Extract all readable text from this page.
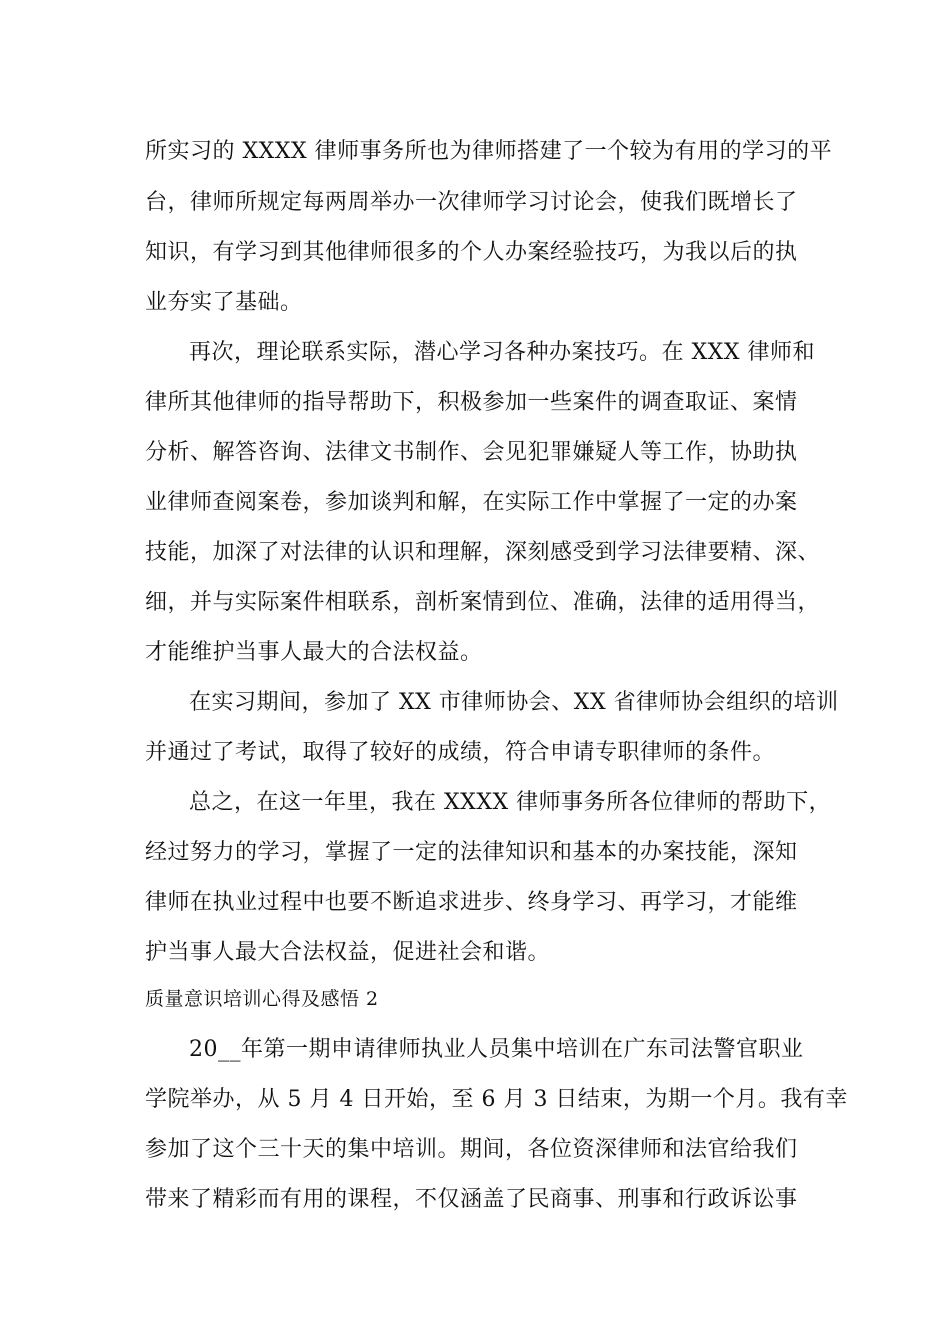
所实习的 XXXX 律师事务所也为律师搭建了一个较为有用的学习的平
台，律师所规定每两周举办一次律师学习讨论会，使我们既增长了
知识，有学习到其他律师很多的个人办案经验技巧，为我以后的执
业夯实了基础。
再次，理论联系实际，潜心学习各种办案技巧。在 XXX 律师和
律所其他律师的指导帮助下，积极参加一些案件的调查取证、案情
分析、解答咨询、法律文书制作、会见犯罪嫌疑人等工作，协助执
业律师查阅案卷，参加谈判和解，在实际工作中掌握了一定的办案
技能，加深了对法律的认识和理解，深刻感受到学习法律要精、深、
细，并与实际案件相联系，剖析案情到位、准确，法律的适用得当，
才能维护当事人最大的合法权益。
在实习期间，参加了 XX 市律师协会、XX 省律师协会组织的培训
并通过了考试，取得了较好的成绩，符合申请专职律师的条件。
总之，在这一年里，我在 XXXX 律师事务所各位律师的帮助下，
经过努力的学习，掌握了一定的法律知识和基本的办案技能，深知
律师在执业过程中也要不断追求进步、终身学习、再学习，才能维
护当事人最大合法权益，促进社会和谐。
质量意识培训心得及感悟 2
20__年第一期申请律师执业人员集中培训在广东司法警官职业
学院举办，从 5 月 4 日开始，至 6 月 3 日结束，为期一个月。我有幸
参加了这个三十天的集中培训。期间，各位资深律师和法官给我们
带来了精彩而有用的课程，不仅涵盖了民商事、刑事和行政诉讼事
